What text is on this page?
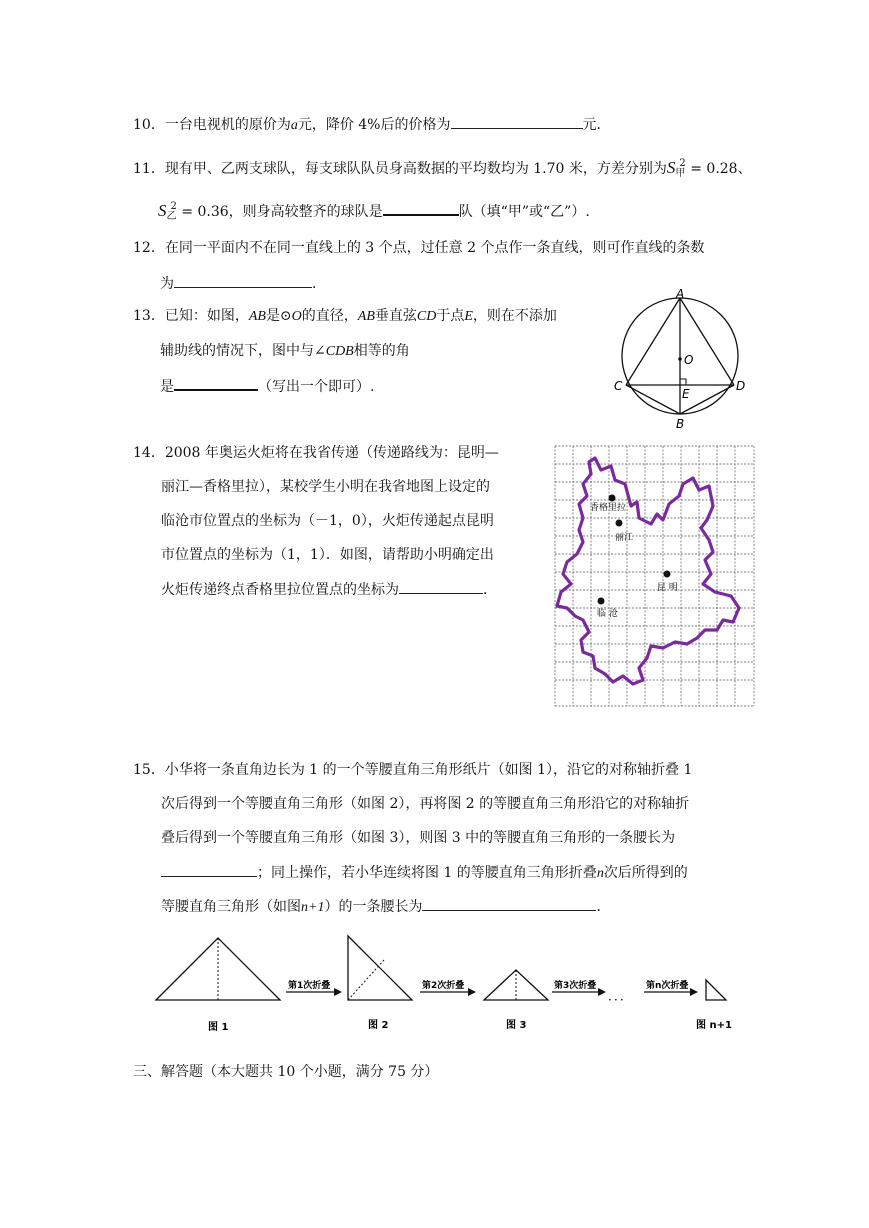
10．一台电视机的原价为a元，降价 4%后的价格为	元．
11．现有甲、乙两支球队，每支球队队员身高数据的平均数均为 1.70 米，方差分别为$S_甲^2 = 0.28$、
$S_乙^2 = 0.36$，则身高较整齐的球队是	队（填“甲”或“乙”）.
12．在同一平面内不在同一直线上的 3 个点，过任意 2 个点作一条直线，则可作直线的条数
为	．
13．已知：如图，AB是⊙O的直径，AB垂直弦CD于点E，则在不添加
辅助线的情况下，图中与∠CDB相等的角
是	（写出一个即可）.
A
O
C	D
E
B
14．2008 年奥运火炬将在我省传递（传递路线为：昆明—
丽江—香格里拉），某校学生小明在我省地图上设定的
临沧市位置点的坐标为（－1，0），火炬传递起点昆明
市位置点的坐标为（1，1）．如图，请帮助小明确定出
火炬传递终点香格里拉位置点的坐标为	．
香格里拉
丽江
昆 明
临 沧
15．小华将一条直角边长为 1 的一个等腰直角三角形纸片（如图 1），沿它的对称轴折叠 1
次后得到一个等腰直角三角形（如图 2），再将图 2 的等腰直角三角形沿它的对称轴折
叠后得到一个等腰直角三角形（如图 3），则图 3 中的等腰直角三角形的一条腰长为
；同上操作，若小华连续将图 1 的等腰直角三角形折叠n次后所得到的
等腰直角三角形（如图n+1）的一条腰长为	．
图 1
第1次折叠
图 2
第2次折叠
图 3
第3次折叠
．．．
第n次折叠
图 n+1
三、解答题（本大题共 10 个小题，满分 75 分）
